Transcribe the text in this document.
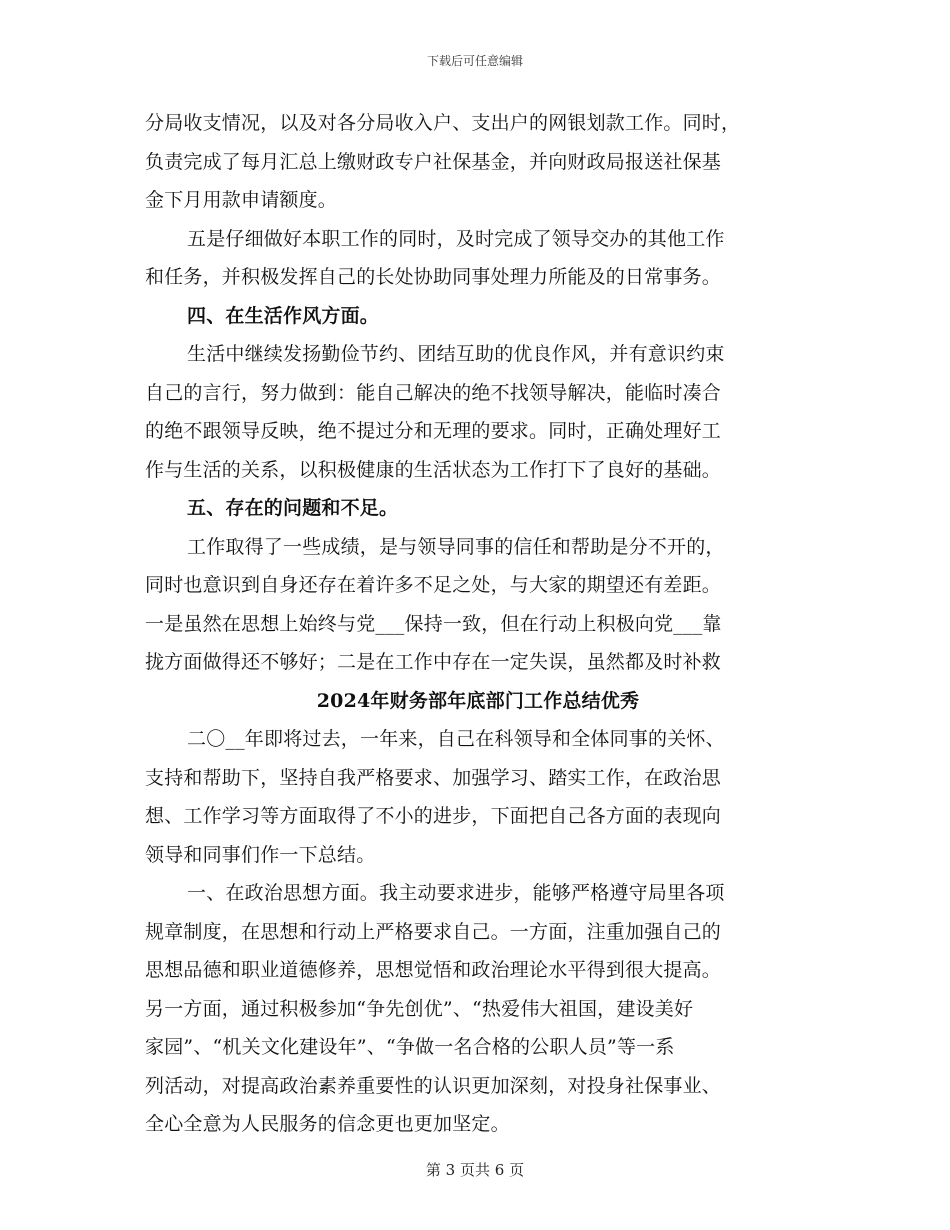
下载后可任意编辑
分局收支情况，以及对各分局收入户、支出户的网银划款工作。同时，
负责完成了每月汇总上缴财政专户社保基金，并向财政局报送社保基
金下月用款申请额度。
五是仔细做好本职工作的同时，及时完成了领导交办的其他工作
和任务，并积极发挥自己的长处协助同事处理力所能及的日常事务。
四、在生活作风方面。
生活中继续发扬勤俭节约、团结互助的优良作风，并有意识约束
自己的言行，努力做到：能自己解决的绝不找领导解决，能临时凑合
的绝不跟领导反映，绝不提过分和无理的要求。同时，正确处理好工
作与生活的关系，以积极健康的生活状态为工作打下了良好的基础。
五、存在的问题和不足。
工作取得了一些成绩，是与领导同事的信任和帮助是分不开的，
同时也意识到自身还存在着许多不足之处，与大家的期望还有差距。
一是虽然在思想上始终与党___保持一致，但在行动上积极向党___靠
拢方面做得还不够好；二是在工作中存在一定失误，虽然都及时补救
2024年财务部年底部门工作总结优秀
二〇__年即将过去，一年来，自己在科领导和全体同事的关怀、
支持和帮助下，坚持自我严格要求、加强学习、踏实工作，在政治思
想、工作学习等方面取得了不小的进步，下面把自己各方面的表现向
领导和同事们作一下总结。
一、在政治思想方面。我主动要求进步，能够严格遵守局里各项
规章制度，在思想和行动上严格要求自己。一方面，注重加强自己的
思想品德和职业道德修养，思想觉悟和政治理论水平得到很大提高。
另一方面，通过积极参加“争先创优”、“热爱伟大祖国，建设美好
家园”、“机关文化建设年”、“争做一名合格的公职人员”等一系
列活动，对提高政治素养重要性的认识更加深刻，对投身社保事业、
全心全意为人民服务的信念更也更加坚定。
第 3 页共 6 页
